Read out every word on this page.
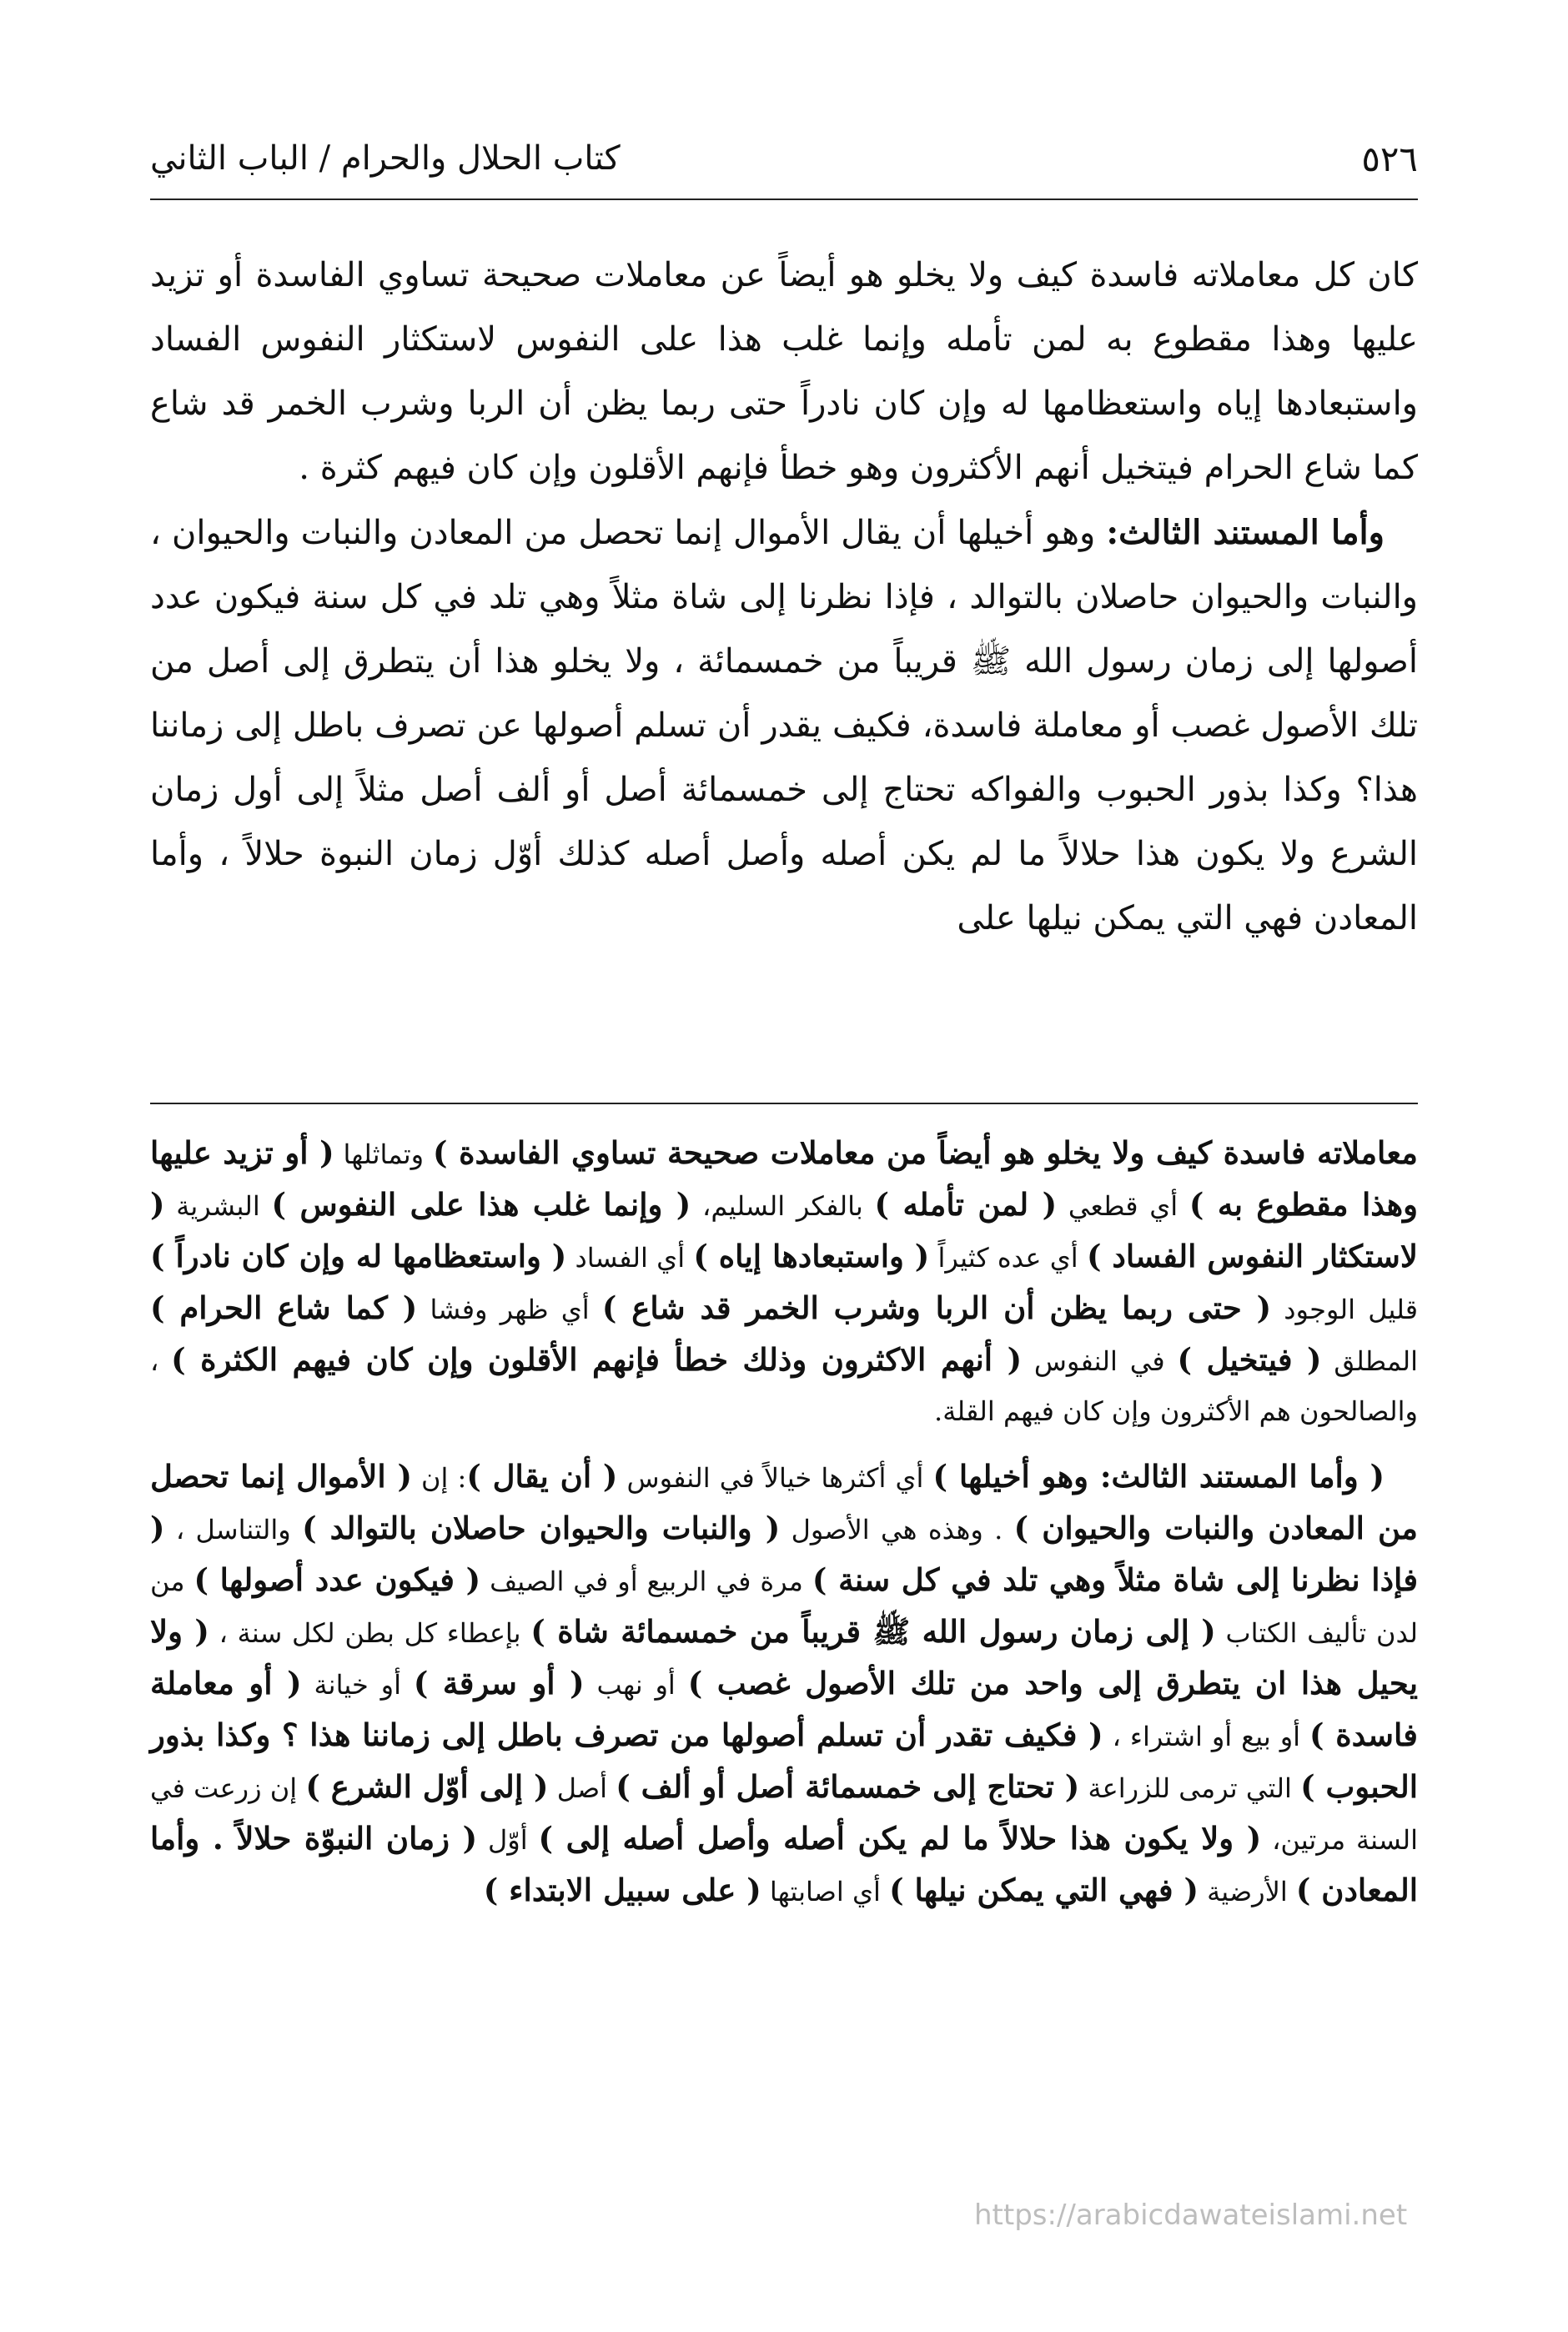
٥٢٦
كتاب الحلال والحرام / الباب الثاني

كان كل معاملاته فاسدة كيف ولا يخلو هو أيضاً عن معاملات صحيحة تساوي الفاسدة أو تزيد عليها وهذا مقطوع به لمن تأمله وإنما غلب هذا على النفوس لاستكثار النفوس الفساد واستبعادها إياه واستعظامها له وإن كان نادراً حتى ربما يظن أن الربا وشرب الخمر قد شاع كما شاع الحرام فيتخيل أنهم الأكثرون وهو خطأ فإنهم الأقلون وإن كان فيهم كثرة .

وأما المستند الثالث: وهو أخيلها أن يقال الأموال إنما تحصل من المعادن والنبات والحيوان ، والنبات والحيوان حاصلان بالتوالد ، فإذا نظرنا إلى شاة مثلاً وهي تلد في كل سنة فيكون عدد أصولها إلى زمان رسول الله ﷺ قريباً من خمسمائة ، ولا يخلو هذا أن يتطرق إلى أصل من تلك الأصول غصب أو معاملة فاسدة، فكيف يقدر أن تسلم أصولها عن تصرف باطل إلى زماننا هذا؟ وكذا بذور الحبوب والفواكه تحتاج إلى خمسمائة أصل أو ألف أصل مثلاً إلى أول زمان الشرع ولا يكون هذا حلالاً ما لم يكن أصله وأصل أصله كذلك أوّل زمان النبوة حلالاً ، وأما المعادن فهي التي يمكن نيلها على

معاملاته فاسدة كيف ولا يخلو هو أيضاً من معاملات صحيحة تساوي الفاسدة ) وتماثلها ( أو تزيد عليها وهذا مقطوع به ) أي قطعي ( لمن تأمله ) بالفكر السليم، ( وإنما غلب هذا على النفوس ) البشرية ( لاستكثار النفوس الفساد ) أي عده كثيراً ( واستبعادها إياه ) أي الفساد ( واستعظامها له وإن كان نادراً ) قليل الوجود ( حتى ربما يظن أن الربا وشرب الخمر قد شاع ) أي ظهر وفشا ( كما شاع الحرام ) المطلق ( فيتخيل ) في النفوس ( أنهم الاكثرون وذلك خطأ فإنهم الأقلون وإن كان فيهم الكثرة ) ، والصالحون هم الأكثرون وإن كان فيهم القلة.

( وأما المستند الثالث: وهو أخيلها ) أي أكثرها خيالاً في النفوس ( أن يقال ): إن ( الأموال إنما تحصل من المعادن والنبات والحيوان ) . وهذه هي الأصول ( والنبات والحيوان حاصلان بالتوالد ) والتناسل ، ( فإذا نظرنا إلى شاة مثلاً وهي تلد في كل سنة ) مرة في الربيع أو في الصيف ( فيكون عدد أصولها ) من لدن تأليف الكتاب ( إلى زمان رسول الله ﷺ قريباً من خمسمائة شاة ) بإعطاء كل بطن لكل سنة ، ( ولا يحيل هذا ان يتطرق إلى واحد من تلك الأصول غصب ) أو نهب ( أو سرقة ) أو خيانة ( أو معاملة فاسدة ) أو بيع أو اشتراء ، ( فكيف تقدر أن تسلم أصولها من تصرف باطل إلى زماننا هذا ؟ وكذا بذور الحبوب ) التي ترمى للزراعة ( تحتاج إلى خمسمائة أصل أو ألف ) أصل ( إلى أوّل الشرع ) إن زرعت في السنة مرتين، ( ولا يكون هذا حلالاً ما لم يكن أصله وأصل أصله إلى ) أوّل ( زمان النبوّة حلالاً . وأما المعادن ) الأرضية ( فهي التي يمكن نيلها ) أي اصابتها ( على سبيل الابتداء )

https://arabicdawateislami.net
